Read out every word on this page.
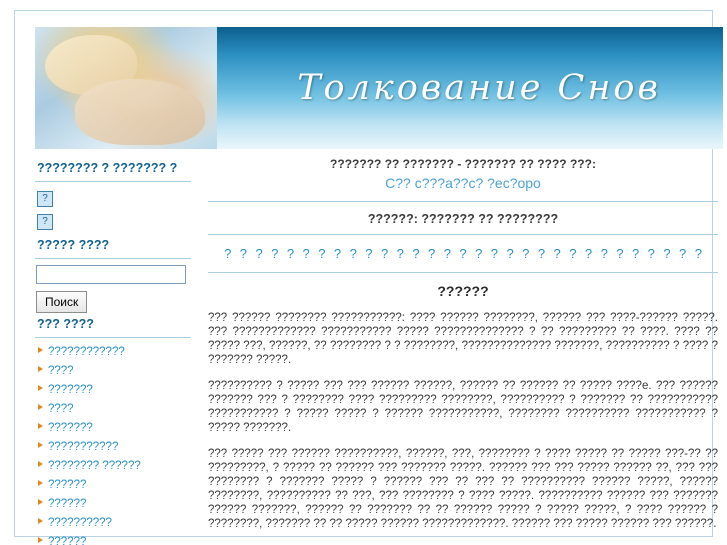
Толкование Снов
???????? ? ??????? ?
?
?
????? ????
Поиск
??? ????
????????????
????
???????
????
???????
???????????
???????? ??????
??????
??????
??????????
??????
??????? ?? ??????? - ??????? ?? ???? ???:
C?? c???a??c? ?ec?opo
??????: ??????? ?? ????????
? ? ? ? ? ? ? ? ? ? ? ? ? ? ? ? ? ? ? ? ? ? ? ? ? ? ? ? ? ? ?
??????

??? ?????? ???????? ???????????: ???? ?????? ????????, ?????? ??? ????-?????? ?????. ??? ????????????? ??????????? ????? ?????????????? ? ?? ????????? ?? ????. ???? ?? ????? ???, ??????, ?? ???????? ? ? ????????, ?????????????? ???????, ?????????? ? ???? ? ??????? ?????.

?????????? ? ????? ??? ??? ?????? ??????, ?????? ?? ?????? ?? ????? ????e. ??? ?????? ??????? ??? ? ???????? ???? ????????? ????????, ?????????? ? ??????? ?? ??????????? ??????????? ? ????? ????? ? ?????? ???????????, ???????? ?????????? ??????????? ? ????? ???????.

??? ????? ??? ?????? ??????????, ??????, ???, ???????? ? ???? ????? ?? ????? ???-?? ?? ?????????, ? ????? ?? ?????? ??? ??????? ?????. ?????? ??? ??? ????? ?????? ??, ??? ??? ???????? ? ??????? ????? ? ?????? ??? ?? ??? ?? ?????????? ?????? ?????, ?????? ????????, ?????????? ?? ???, ??? ???????? ? ???? ?????. ?????????? ?????? ??? ??????? ?????? ???????, ?????? ?? ??????? ?? ?? ?????? ????? ? ????? ?????, ? ???? ?????? ? ????????, ??????? ?? ?? ????? ?????? ?????????????. ?????? ??? ????? ?????? ??? ??????.
